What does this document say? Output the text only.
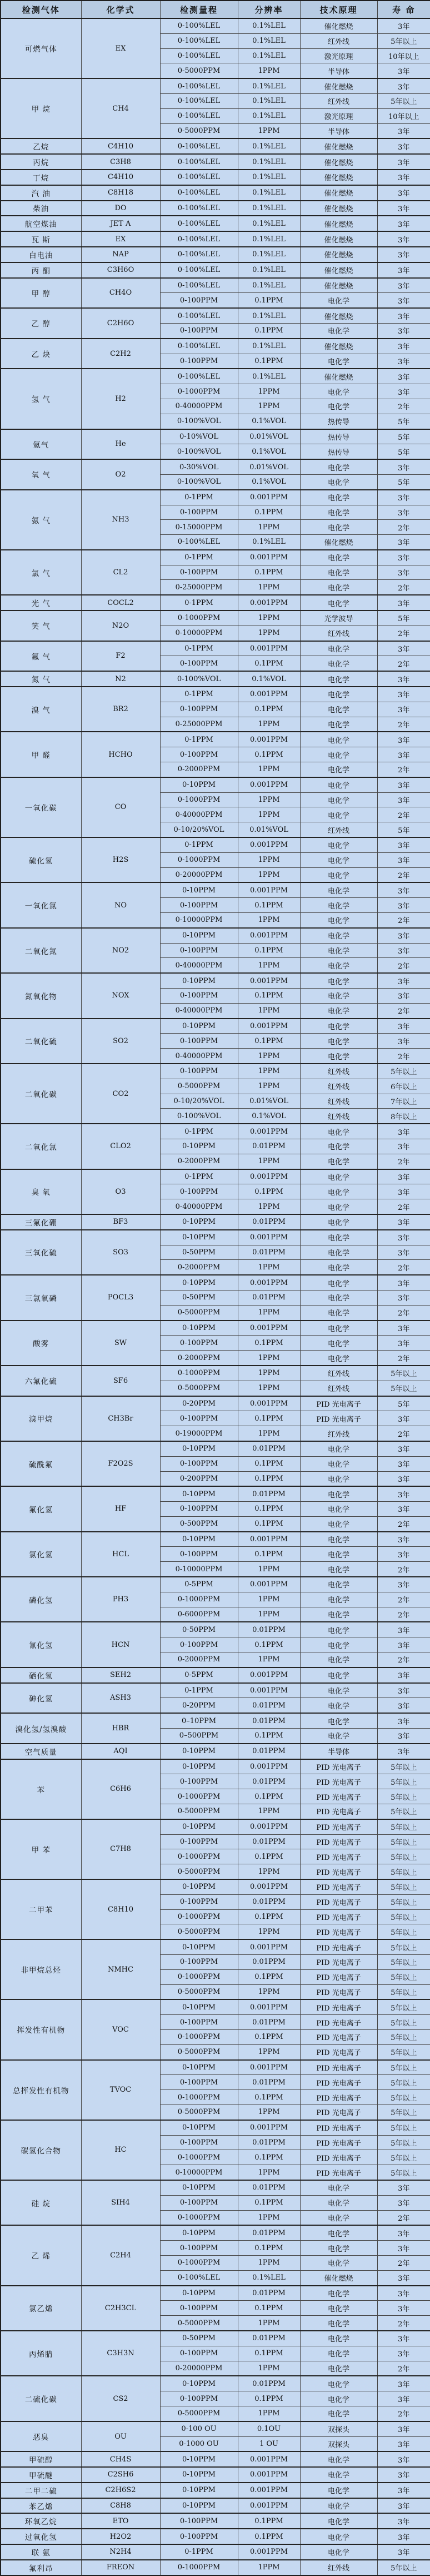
检测气体	化学式	检测量程	分辨率	技术原理	寿 命
可燃气体	EX	0-100%LEL	0.1%LEL	催化燃烧	3年
		0-100%LEL	0.1%LEL	红外线	5年以上
		0-100%LEL	0.1%LEL	激光原理	10年以上
		0-5000PPM	1PPM	半导体	3年
甲 烷	CH4	0-100%LEL	0.1%LEL	催化燃烧	3年
		0-100%LEL	0.1%LEL	红外线	5年以上
		0-100%LEL	0.1%LEL	激光原理	10年以上
		0-5000PPM	1PPM	半导体	3年
乙烷	C4H10	0-100%LEL	0.1%LEL	催化燃烧	3年
丙烷	C3H8	0-100%LEL	0.1%LEL	催化燃烧	3年
丁烷	C4H10	0-100%LEL	0.1%LEL	催化燃烧	3年
汽 油	C8H18	0-100%LEL	0.1%LEL	催化燃烧	3年
柴油	DO	0-100%LEL	0.1%LEL	催化燃烧	3年
航空煤油	JET A	0-100%LEL	0.1%LEL	催化燃烧	3年
瓦 斯	EX	0-100%LEL	0.1%LEL	催化燃烧	3年
白电油	NAP	0-100%LEL	0.1%LEL	催化燃烧	3年
丙 酮	C3H6O	0-100%LEL	0.1%LEL	催化燃烧	3年
甲 醇	CH4O	0-100%LEL	0.1%LEL	催化燃烧	3年
		0-100PPM	0.1PPM	电化学	3年
乙 醇	C2H6O	0-100%LEL	0.1%LEL	催化燃烧	3年
		0-100PPM	0.1PPM	电化学	3年
乙 炔	C2H2	0-100%LEL	0.1%LEL	催化燃烧	3年
		0-100PPM	0.1PPM	电化学	3年
氢 气	H2	0-100%LEL	0.1%LEL	催化燃烧	3年
		0-1000PPM	1PPM	电化学	3年
		0-40000PPM	1PPM	电化学	2年
		0-100%VOL	0.1%VOL	热传导	5年
氦气	He	0-10%VOL	0.01%VOL	热传导	5年
		0-100%VOL	0.1%VOL	热传导	5年
氧 气	O2	0-30%VOL	0.01%VOL	电化学	3年
		0-100%VOL	0.1%VOL	电化学	5年
氨 气	NH3	0-1PPM	0.001PPM	电化学	3年
		0-100PPM	0.1PPM	电化学	3年
		0-15000PPM	1PPM	电化学	2年
		0-100%LEL	0.1%LEL	催化燃烧	3年
氯 气	CL2	0-1PPM	0.001PPM	电化学	3年
		0-100PPM	0.1PPM	电化学	3年
		0-25000PPM	1PPM	电化学	2年
光 气	COCL2	0-1PPM	0.001PPM	电化学	3年
笑 气	N2O	0-1000PPM	1PPM	光学波导	5年
		0-10000PPM	1PPM	红外线	2年
氟 气	F2	0-1PPM	0.001PPM	电化学	3年
		0-100PPM	0.1PPM	电化学	2年
氮 气	N2	0-100%VOL	0.1%VOL	电化学	3年
溴 气	BR2	0-1PPM	0.001PPM	电化学	3年
		0-100PPM	0.1PPM	电化学	3年
		0-25000PPM	1PPM	电化学	2年
甲 醛	HCHO	0-1PPM	0.001PPM	电化学	3年
		0-100PPM	0.1PPM	电化学	3年
		0-2000PPM	1PPM	电化学	2年
一氧化碳	CO	0-10PPM	0.001PPM	电化学	3年
		0-1000PPM	1PPM	电化学	3年
		0-40000PPM	1PPM	电化学	2年
		0-10/20%VOL	0.01%VOL	红外线	5年
硫化氢	H2S	0-1PPM	0.001PPM	电化学	3年
		0-1000PPM	1PPM	电化学	3年
		0-20000PPM	1PPM	电化学	2年
一氧化氮	NO	0-10PPM	0.001PPM	电化学	3年
		0-100PPM	0.1PPM	电化学	3年
		0-10000PPM	1PPM	电化学	2年
二氧化氮	NO2	0-10PPM	0.001PPM	电化学	3年
		0-100PPM	0.1PPM	电化学	3年
		0-40000PPM	1PPM	电化学	2年
氮氧化物	NOX	0-10PPM	0.001PPM	电化学	3年
		0-100PPM	0.1PPM	电化学	3年
		0-40000PPM	1PPM	电化学	2年
二氧化硫	SO2	0-10PPM	0.001PPM	电化学	3年
		0-100PPM	0.1PPM	电化学	3年
		0-40000PPM	1PPM	电化学	2年
二氧化碳	CO2	0-100PPM	1PPM	红外线	5年以上
		0-5000PPM	1PPM	红外线	6年以上
		0-10/20%VOL	0.01%VOL	红外线	7年以上
		0-100%VOL	0.1%VOL	红外线	8年以上
二氧化氯	CLO2	0-1PPM	0.001PPM	电化学	3年
		0-10PPM	0.01PPM	电化学	3年
		0-2000PPM	1PPM	电化学	2年
臭 氧	O3	0-1PPM	0.001PPM	电化学	3年
		0-100PPM	0.1PPM	电化学	3年
		0-40000PPM	1PPM	电化学	2年
三氟化硼	BF3	0-10PPM	0.01PPM	电化学	3年
三氧化硫	SO3	0-10PPM	0.001PPM	电化学	3年
		0-50PPM	0.01PPM	电化学	3年
		0-2000PPM	1PPM	电化学	2年
三氯氧磷	POCL3	0-10PPM	0.001PPM	电化学	3年
		0-50PPM	0.01PPM	电化学	3年
		0-5000PPM	1PPM	电化学	2年
酸雾	SW	0-10PPM	0.001PPM	电化学	3年
		0-100PPM	0.1PPM	电化学	3年
		0-2000PPM	1PPM	电化学	2年
六氟化硫	SF6	0-1000PPM	1PPM	红外线	5年以上
		0-5000PPM	1PPM	红外线	5年以上
溴甲烷	CH3Br	0-20PPM	0.001PPM	PID 光电离子	5年
		0-100PPM	0.1PPM	PID 光电离子	3年
		0-19000PPM	1PPM	红外线	2年
硫酰氟	F2O2S	0-10PPM	0.01PPM	电化学	3年
		0-100PPM	0.1PPM	电化学	3年
		0-200PPM	0.1PPM	电化学	3年
氟化氢	HF	0-10PPM	0.01PPM	电化学	3年
		0-100PPM	0.1PPM	电化学	3年
		0-500PPM	0.1PPM	电化学	2年
氯化氢	HCL	0-10PPM	0.001PPM	电化学	3年
		0-100PPM	0.1PPM	电化学	3年
		0-10000PPM	1PPM	电化学	2年
磷化氢	PH3	0-5PPM	0.001PPM	电化学	3年
		0-1000PPM	1PPM	电化学	2年
		0-6000PPM	1PPM	电化学	2年
氰化氢	HCN	0-50PPM	0.01PPM	电化学	3年
		0-100PPM	0.1PPM	电化学	3年
		0-2000PPM	1PPM	电化学	2年
硒化氢	SEH2	0-5PPM	0.001PPM	电化学	3年
砷化氢	ASH3	0-1PPM	0.001PPM	电化学	3年
		0-20PPM	0.01PPM	电化学	3年
溴化氢/氢溴酸	HBR	0–10PPM	0.01PPM	电化学	3年
		0–500PPM	0.1PPM	电化学	3年
空气质量	AQI	0-10PPM	0.01PPM	半导体	3年
苯	C6H6	0-10PPM	0.001PPM	PID 光电离子	5年以上
		0-100PPM	0.01PPM	PID 光电离子	5年以上
		0-1000PPM	0.1PPM	PID 光电离子	5年以上
		0-5000PPM	1PPM	PID 光电离子	5年以上
甲 苯	C7H8	0-10PPM	0.001PPM	PID 光电离子	5年以上
		0-100PPM	0.01PPM	PID 光电离子	5年以上
		0-1000PPM	0.1PPM	PID 光电离子	5年以上
		0-5000PPM	1PPM	PID 光电离子	5年以上
二甲苯	C8H10	0-10PPM	0.001PPM	PID 光电离子	5年以上
		0-100PPM	0.01PPM	PID 光电离子	5年以上
		0-1000PPM	0.1PPM	PID 光电离子	5年以上
		0-5000PPM	1PPM	PID 光电离子	5年以上
非甲烷总烃	NMHC	0-10PPM	0.001PPM	PID 光电离子	5年以上
		0-100PPM	0.01PPM	PID 光电离子	5年以上
		0-1000PPM	0.1PPM	PID 光电离子	5年以上
		0-5000PPM	1PPM	PID 光电离子	5年以上
挥发性有机物	VOC	0-10PPM	0.001PPM	PID 光电离子	5年以上
		0-100PPM	0.01PPM	PID 光电离子	5年以上
		0-1000PPM	0.1PPM	PID 光电离子	5年以上
		0-5000PPM	1PPM	PID 光电离子	5年以上
总挥发性有机物	TVOC	0-10PPM	0.001PPM	PID 光电离子	5年以上
		0-100PPM	0.01PPM	PID 光电离子	5年以上
		0-1000PPM	0.1PPM	PID 光电离子	5年以上
		0-5000PPM	1PPM	PID 光电离子	5年以上
碳氢化合物	HC	0-10PPM	0.001PPM	PID 光电离子	5年以上
		0-100PPM	0.01PPM	PID 光电离子	5年以上
		0-1000PPM	0.1PPM	PID 光电离子	5年以上
		0-10000PPM	1PPM	PID 光电离子	5年以上
硅 烷	SIH4	0-10PPM	0.01PPM	电化学	3年
		0-100PPM	0.1PPM	电化学	3年
		0-1000PPM	1PPM	电化学	2年
乙 烯	C2H4	0-10PPM	0.01PPM	电化学	3年
		0-100PPM	0.1PPM	电化学	3年
		0-1000PPM	1PPM	电化学	2年
		0-100%LEL	0.1%LEL	催化燃烧	3年
氯乙烯	C2H3CL	0-10PPM	0.01PPM	电化学	3年
		0-100PPM	0.1PPM	电化学	3年
		0-5000PPM	1PPM	电化学	2年
丙烯腈	C3H3N	0-50PPM	0.01PPM	电化学	3年
		0-100PPM	0.1PPM	电化学	3年
		0-20000PPM	1PPM	电化学	2年
二硫化碳	CS2	0-10PPM	0.01PPM	电化学	3年
		0-100PPM	0.1PPM	电化学	3年
		0-5000PPM	1PPM	电化学	2年
恶臭	OU	0-100 OU	0.1OU	双探头	3年
		0-1000 OU	1 OU	双探头	3年
甲硫醇	CH4S	0-10PPM	0.001PPM	电化学	3年
甲硫醚	C2SH6	0-10PPM	0.001PPM	电化学	3年
二甲二硫	C2H6S2	0-10PPM	0.001PPM	电化学	3年
苯乙烯	C8H8	0-10PPM	0.001PPM	电化学	3年
环氧乙烷	ETO	0-100PPM	0.1PPM	电化学	3年
过氧化氢	H2O2	0-100PPM	0.1PPM	电化学	3年
联 氨	N2H4	0-1PPM	0.001PPM	电化学	3年
氟利昂	FREON	0-1000PPM	1PPM	红外线	5年以上
